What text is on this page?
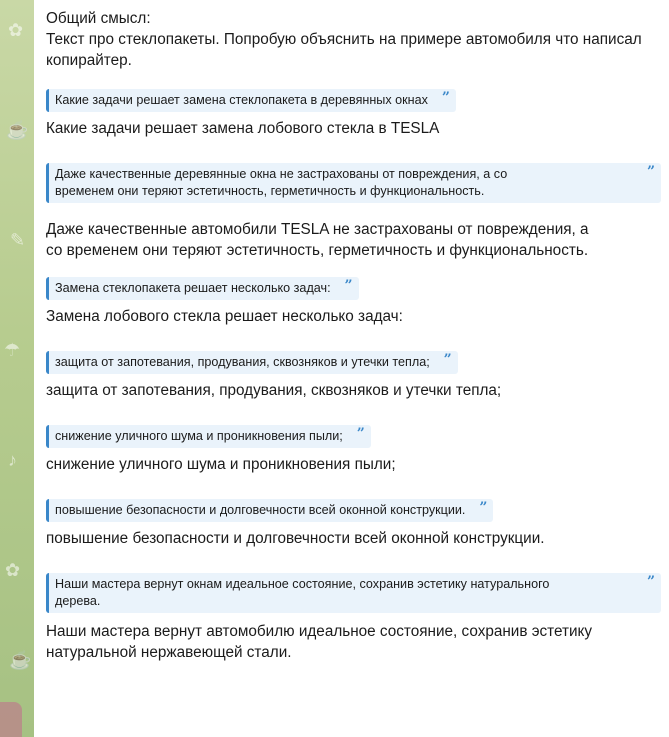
✿
☕
✎
☂
♪
✿
☕

Общий смысл:
Текст про стеклопакеты. Попробую объяснить на примере автомобиля что написал копирайтер.

Какие задачи решает замена стеклопакета в деревянных окнах ”

Какие задачи решает замена лобового стекла в TESLA

Даже качественные деревянные окна не застрахованы от повреждения, а со
временем они теряют эстетичность, герметичность и функциональность.
”

Даже качественные автомобили TESLA не застрахованы от повреждения, а
со временем они теряют эстетичность, герметичность и функциональность.

Замена стеклопакета решает несколько задач: ”

Замена лобового стекла решает несколько задач:

защита от запотевания, продувания, сквозняков и утечки тепла; ”

защита от запотевания, продувания, сквозняков и утечки тепла;

снижение уличного шума и проникновения пыли; ”

снижение уличного шума и проникновения пыли;

повышение безопасности и долговечности всей оконной конструкции. ”

повышение безопасности и долговечности всей оконной конструкции.

Наши мастера вернут окнам идеальное состояние, сохранив эстетику натурального
дерева.
”

Наши мастера вернут автомобилю идеальное состояние, сохранив эстетику
натуральной нержавеющей стали.
